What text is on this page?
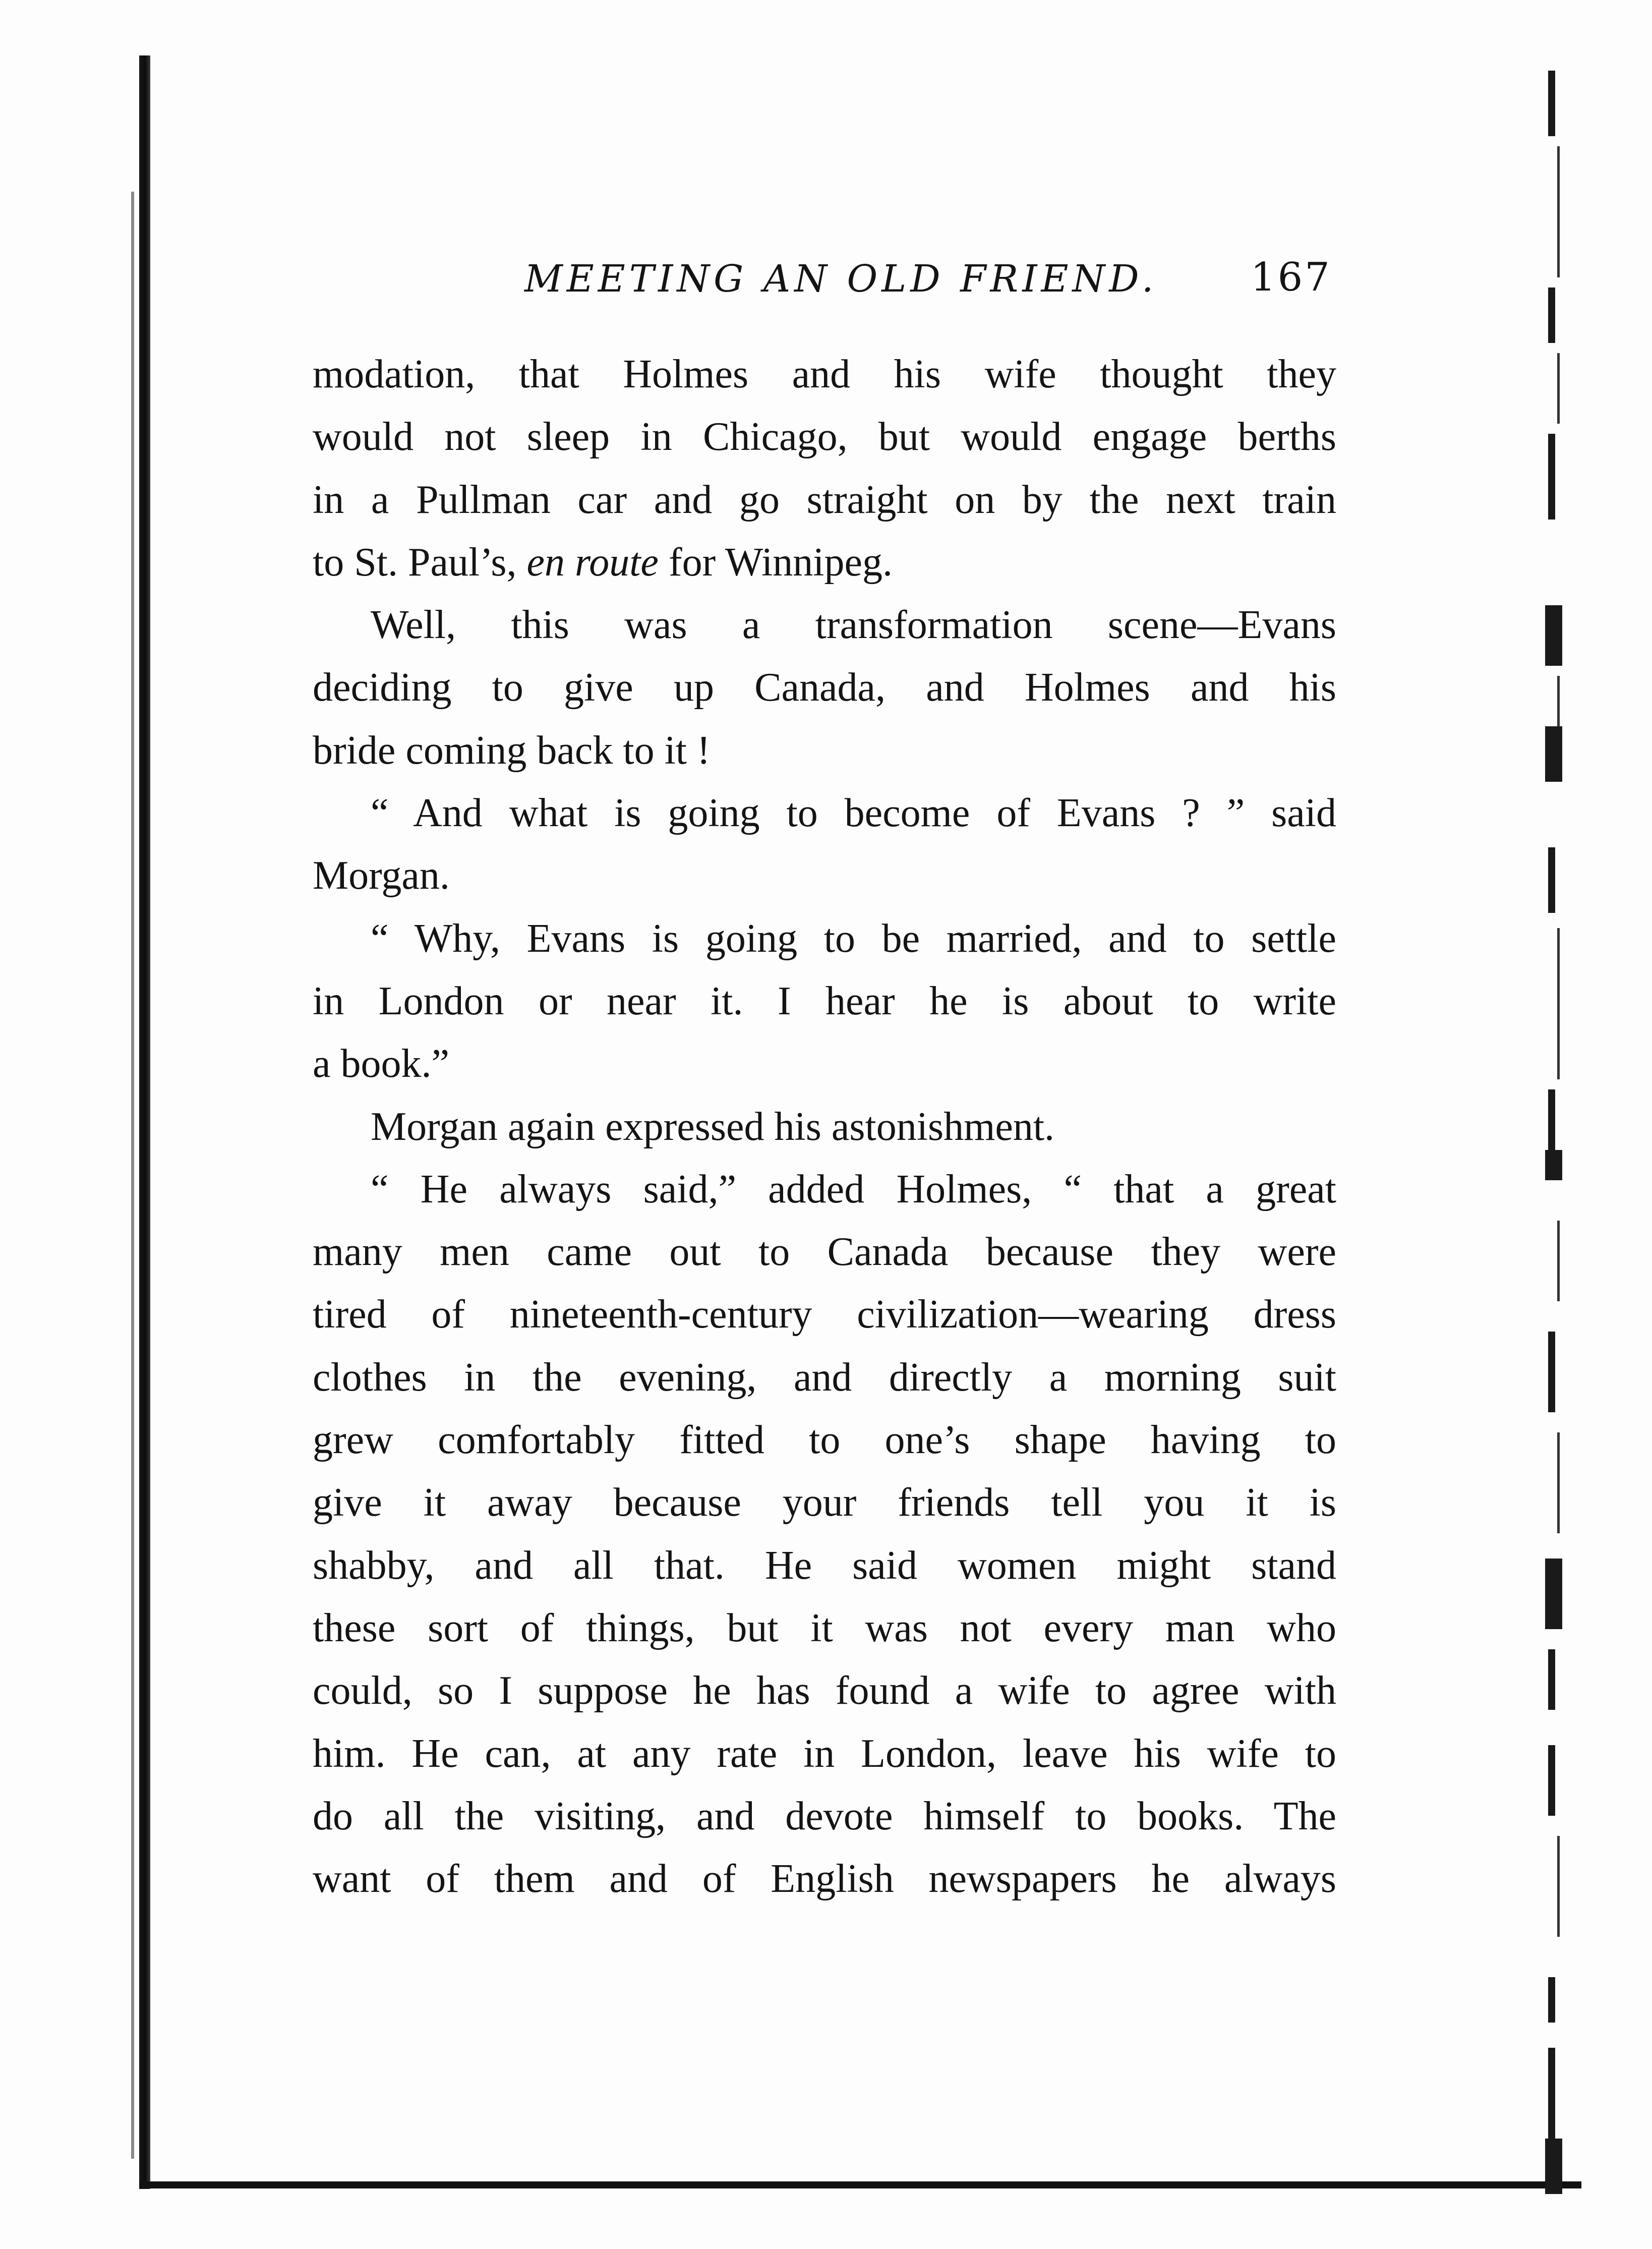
MEETING AN OLD FRIEND. 167

modation, that Holmes and his wife thought they

would not sleep in Chicago, but would engage berths

in a Pullman car and go straight on by the next train

to St. Paul’s, en route for Winnipeg.

Well, this was a transformation scene—Evans

deciding to give up Canada, and Holmes and his

bride coming back to it !

“ And what is going to become of Evans ? ” said

Morgan.

“ Why, Evans is going to be married, and to settle

in London or near it. I hear he is about to write

a book.”

Morgan again expressed his astonishment.

“ He always said,” added Holmes, “ that a great

many men came out to Canada because they were

tired of nineteenth-century civilization—wearing dress

clothes in the evening, and directly a morning suit

grew comfortably fitted to one’s shape having to

give it away because your friends tell you it is

shabby, and all that. He said women might stand

these sort of things, but it was not every man who

could, so I suppose he has found a wife to agree with

him. He can, at any rate in London, leave his wife to

do all the visiting, and devote himself to books. The

want of them and of English newspapers he always
